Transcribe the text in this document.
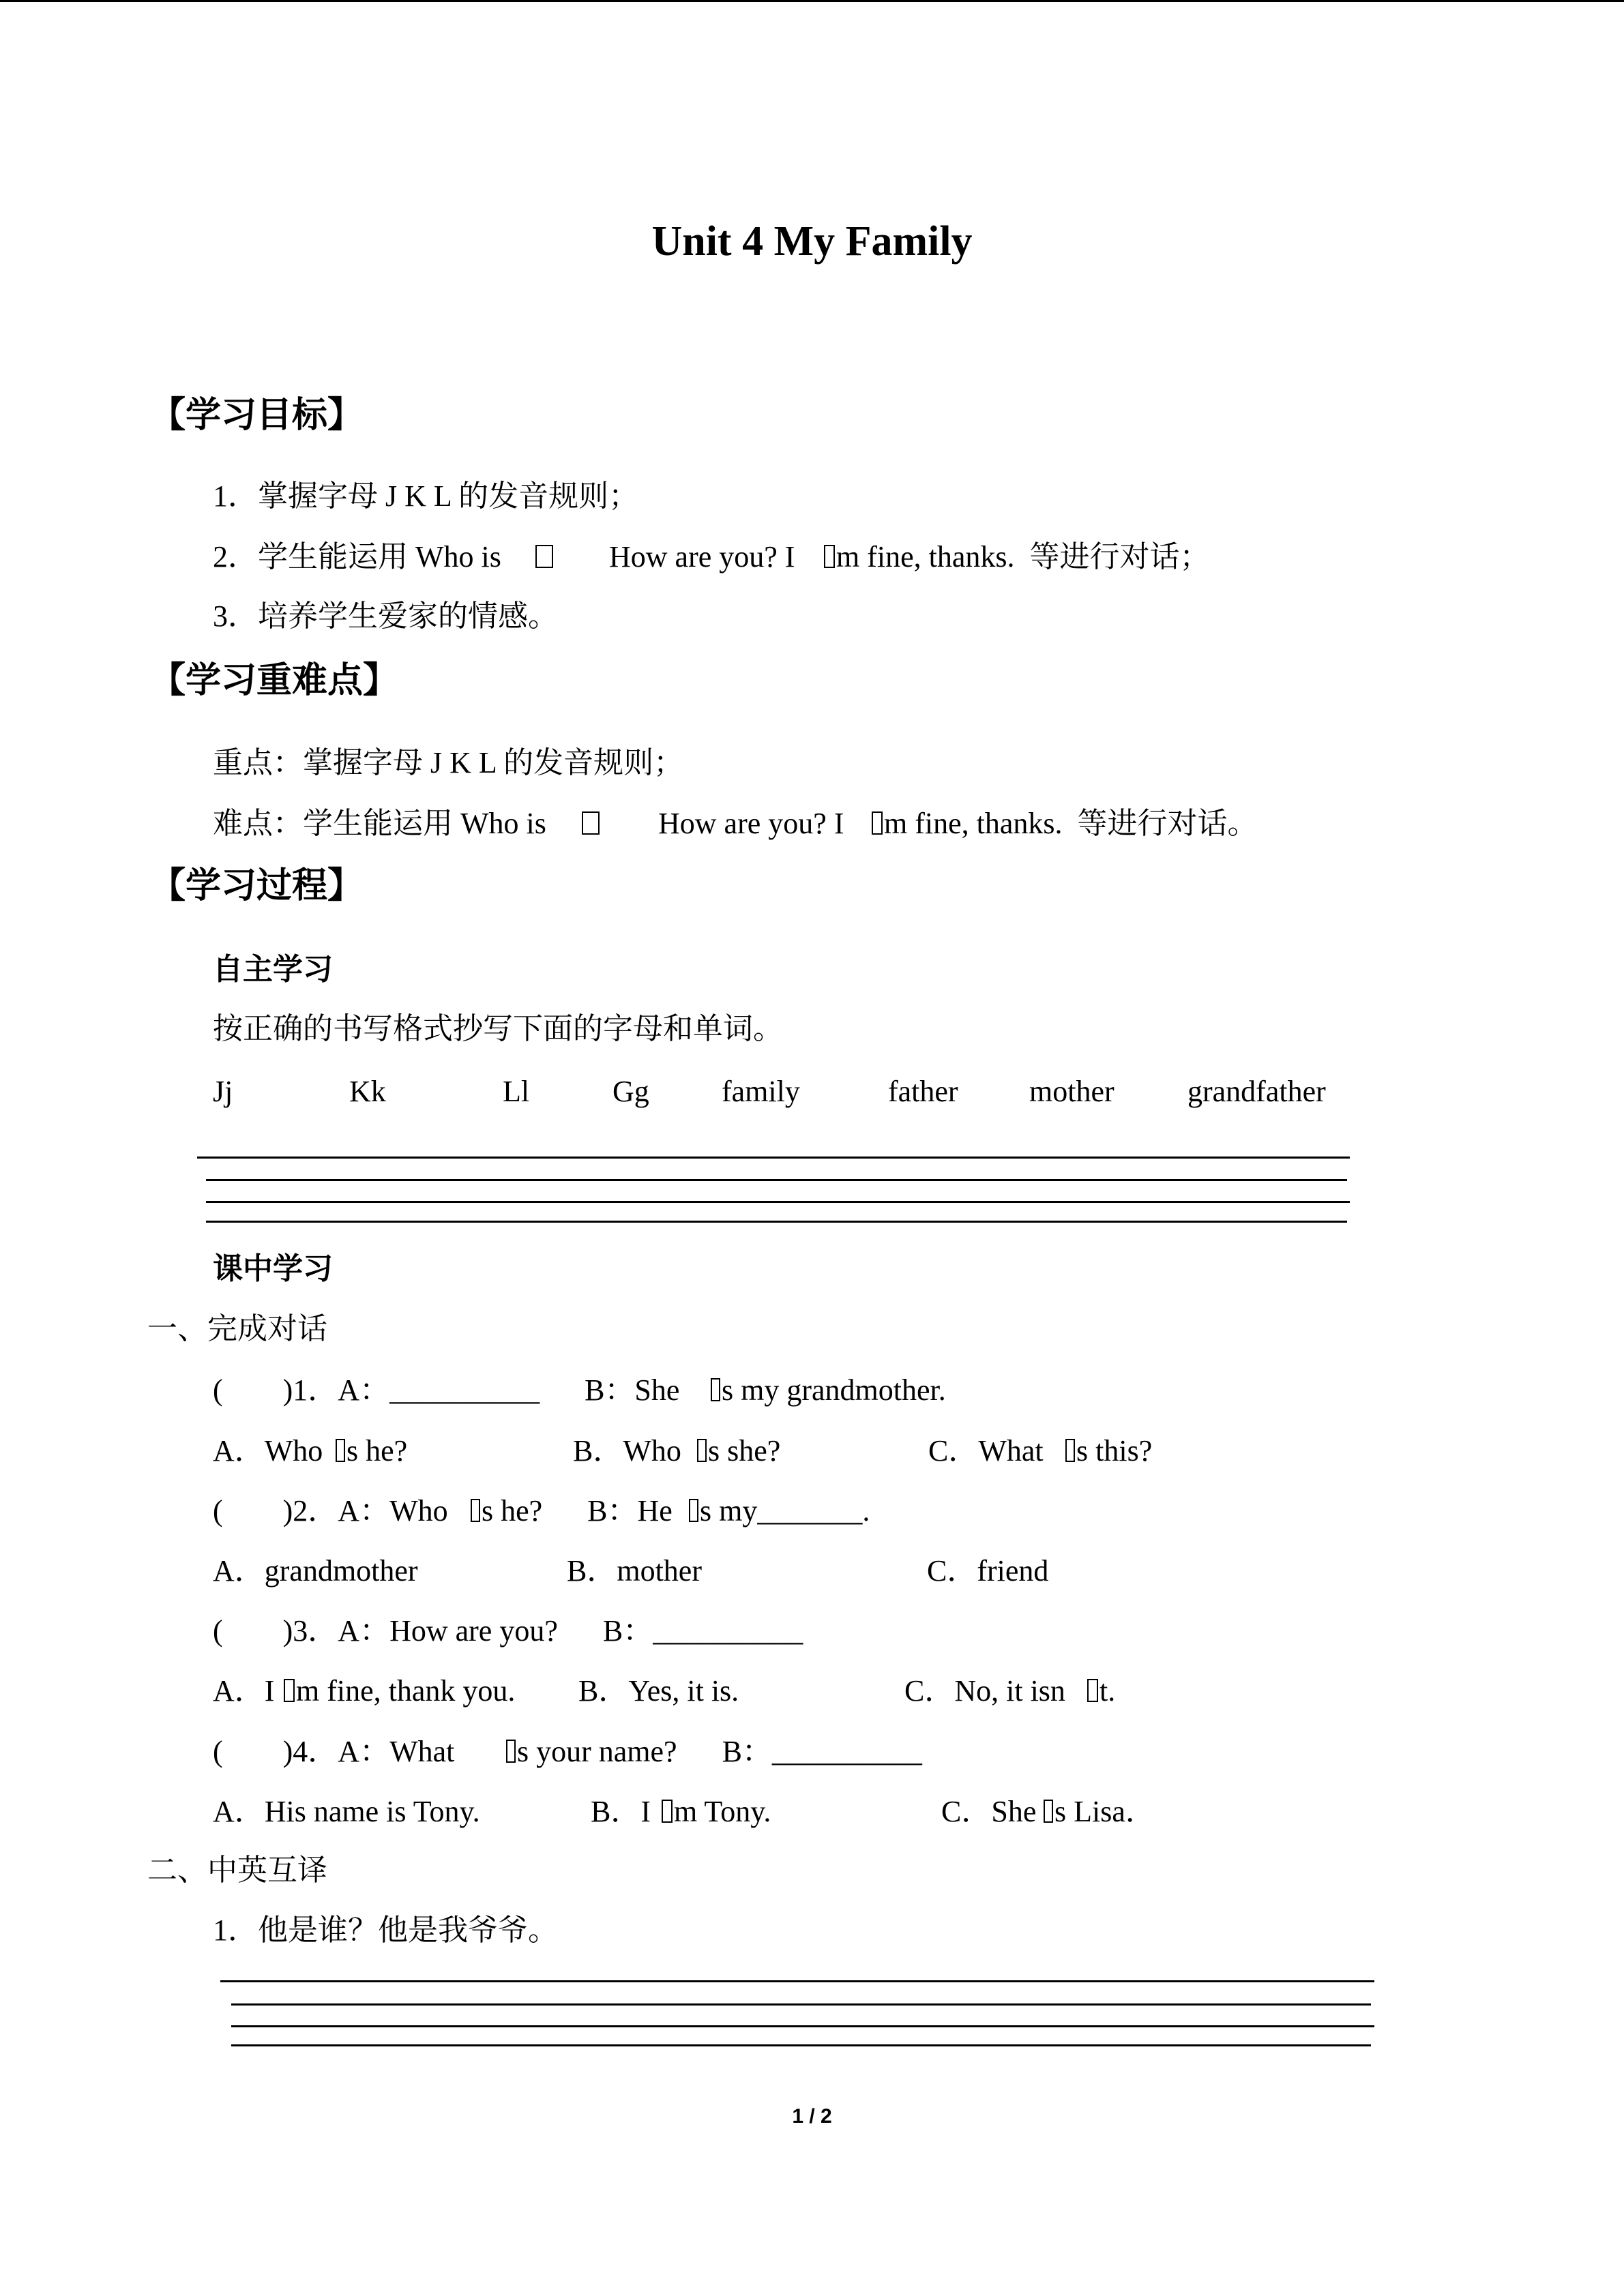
Unit 4 My Family
【学习目标】
1．掌握字母 J K L 的发音规则；
2．学生能运用 Who is	How are you? I m fine, thanks.  等进行对话；
3．培养学生爱家的情感。
【学习重难点】
重点：掌握字母 J K L 的发音规则；
难点：学生能运用 Who is	How are you? I m fine, thanks.  等进行对话。
【学习过程】
自主学习
按正确的书写格式抄写下面的字母和单词。
Jj	Kk	Ll	Gg family	father mother grandfather
课中学习
一、完成对话
(        )1．A：__________      B：She s my grandmother.
A．Who s he?	B．Who s she?	C．What s this?
(        )2．A：Who s he?      B：He s my_______.
A．grandmother	B．mother	C．friend
(        )3．A：How are you?      B：__________
A．I m fine, thank you. B．Yes, it is.	C．No, it isn t.
(        )4．A：What s your name?      B：__________
A．His name is Tony.	B．I m Tony.	C．She s Lisa．
二、中英互译
1．他是谁？他是我爷爷。
1 / 2
